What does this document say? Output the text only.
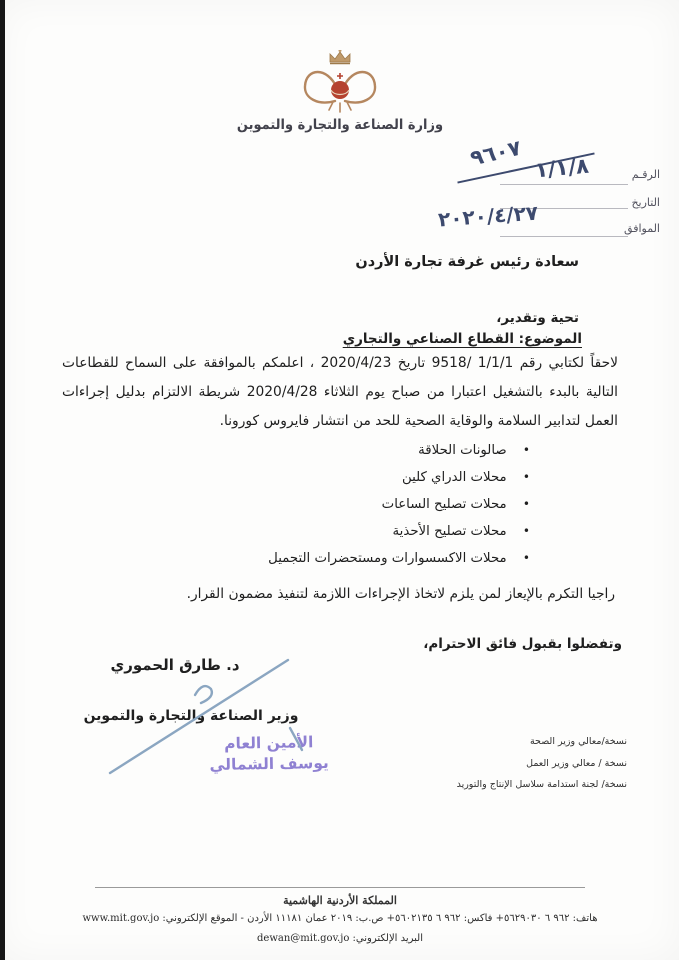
وزارة الصناعة والتجارة والتموين
الرقـم
التاريخ
الموافق
١/١/٨
٩٦٠٧
٢٠٢٠/٤/٢٧
سعادة رئيس غرفة تجارة الأردن
تحية وتقدير،
الموضوع: القطاع الصناعي والتجاري
لاحقاً لكتابي رقم 1/1/1 /9518 تاريخ 2020/4/23 ، اعلمكم بالموافقة على السماح للقطاعات
التالية بالبدء بالتشغيل اعتبارا من صباح يوم الثلاثاء 2020/4/28 شريطة الالتزام بدليل إجراءات
العمل لتدابير السلامة والوقاية الصحية للحد من انتشار فايروس كورونا.
• صالونات الحلاقة
• محلات الدراي كلين
• محلات تصليح الساعات
• محلات تصليح الأحذية
• محلات الاكسسوارات ومستحضرات التجميل
راجيا التكرم بالإيعاز لمن يلزم لاتخاذ الإجراءات اللازمة لتنفيذ مضمون القرار.
وتفضلوا بقبول فائق الاحترام،
د. طارق الحموري
وزير الصناعة والتجارة والتموين
الأمين العام
يوسف الشمالي
نسخة/معالي وزير الصحة
نسخة / معالي وزير العمل
نسخة/ لجنة استدامة سلاسل الإنتاج والتوريد
المملكة الأردنية الهاشمية
هاتف: ٩٦٢ ٦ ٥٦٢٩٠٣٠+ فاكس: ٩٦٢ ٦ ٥٦٠٢١٣٥+ ص.ب: ٢٠١٩ عمان ١١١٨١ الأردن - الموقع الإلكتروني: www.mit.gov.jo
البريد الإلكتروني: dewan@mit.gov.jo
